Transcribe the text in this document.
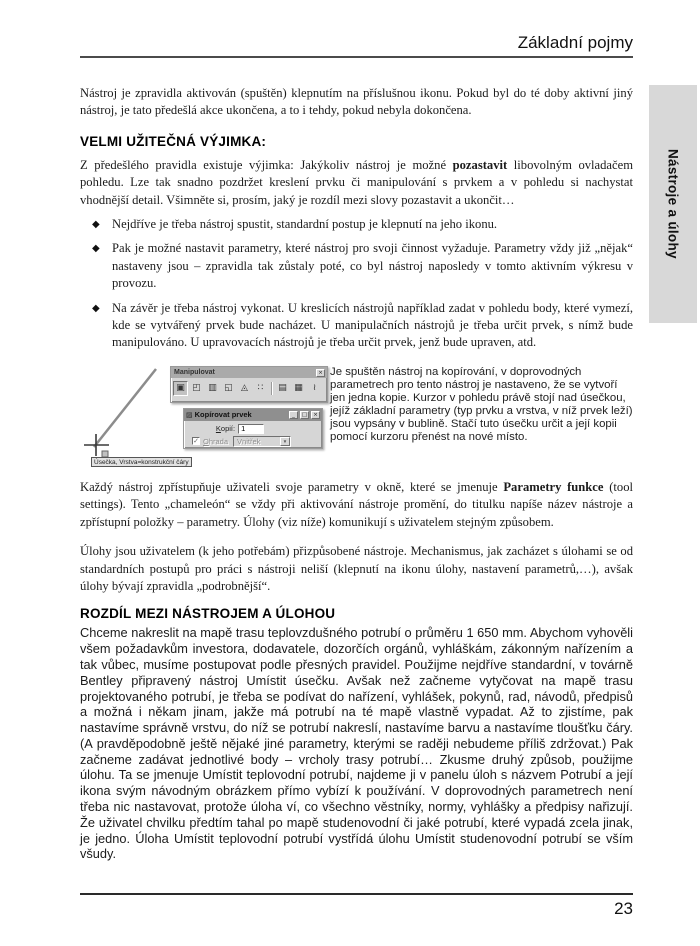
Nástroje a úlohy
Základní pojmy

Nástroj je zpravidla aktivován (spuštěn) klepnutím na příslušnou ikonu. Pokud byl do té doby aktivní jiný nástroj, je tato předešlá akce ukončena, a to i tehdy, pokud nebyla dokončena.

VELMI UŽITEČNÁ VÝJIMKA:

Z předešlého pravidla existuje výjimka: Jakýkoliv nástroj je možné pozastavit libovolným ovladačem pohledu. Lze tak snadno pozdržet kreslení prvku či manipulování s prvkem a v pohledu si nachystat vhodnější detail. Všimněte si, prosím, jaký je rozdíl mezi slovy pozastavit a ukončit…

◆ Nejdříve je třeba nástroj spustit, standardní postup je klepnutí na jeho ikonu.
◆ Pak je možné nastavit parametry, které nástroj pro svoji činnost vyžaduje. Parametry vždy již „nějak“ nastaveny jsou – zpravidla tak zůstaly poté, co byl nástroj naposledy v tomto aktivním výkresu v provozu.
◆ Na závěr je třeba nástroj vykonat. U kreslicích nástrojů například zadat v pohledu body, které vymezí, kde se vytvářený prvek bude nacházet. U manipulačních nástrojů je třeba určit prvek, s nímž bude manipulováno. U upravovacích nástrojů je třeba určit prvek, jenž bude upraven, atd.
Manipulovat	×
▣ ◰ ▥ ◱ ◬	∷	▤ ▦	≀
▨ Kopírovat prvek	_	□	×
Kopií:
1
✓ Ohrada Vnitřek	▼
Úsečka, Vrstva=konstrukční čáry
Je spuštěn nástroj na kopírování, v doprovodných parametrech pro tento nástroj je nastaveno, že se vytvoří jen jedna kopie. Kurzor v pohledu právě stojí nad úsečkou, jejíž základní parametry (typ prvku a vrstva, v níž prvek leží) jsou vypsány v bublině. Stačí tuto úsečku určit a její kopii pomocí kurzoru přenést na nové místo.

Každý nástroj zpřístupňuje uživateli svoje parametry v okně, které se jmenuje Parametry funkce (tool settings). Tento „chameleón“ se vždy při aktivování nástroje promění, do titulku napíše název nástroje a zpřístupní položky – parametry. Úlohy (viz níže) komunikují s uživatelem stejným způsobem.

Úlohy jsou uživatelem (k jeho potřebám) přizpůsobené nástroje. Mechanismus, jak zacházet s úlohami se od standardních postupů pro práci s nástroji neliší (klepnutí na ikonu úlohy, nastavení parametrů,…), avšak úlohy bývají zpravidla „podrobnější“.

ROZDÍL MEZI NÁSTROJEM A ÚLOHOU

Chceme nakreslit na mapě trasu teplovzdušného potrubí o průměru 1 650 mm. Abychom vyhověli všem požadavkům investora, dodavatele, dozorčích orgánů, vyhláškám, zákonným nařízením a tak vůbec, musíme postupovat podle přesných pravidel. Použijme nejdříve standardní, v továrně Bentley připravený nástroj Umístit úsečku. Avšak než začneme vytyčovat na mapě trasu projektovaného potrubí, je třeba se podívat do nařízení, vyhlášek, pokynů, rad, návodů, předpisů a možná i někam jinam, jakže má potrubí na té mapě vlastně vypadat. Až to zjistíme, pak nastavíme správně vrstvu, do níž se potrubí nakreslí, nastavíme barvu a nastavíme tloušťku čáry. (A pravděpodobně ještě nějaké jiné parametry, kterými se raději nebudeme příliš zdržovat.) Pak začneme zadávat jednotlivé body – vrcholy trasy potrubí… Zkusme druhý způsob, použijme úlohu. Ta se jmenuje Umístit teplovodní potrubí, najdeme ji v panelu úloh s názvem Potrubí a její ikona svým návodným obrázkem přímo vybízí k používání. V doprovodných parametrech není třeba nic nastavovat, protože úloha ví, co všechno věstníky, normy, vyhlášky a předpisy nařizují. Že uživatel chvilku předtím tahal po mapě studenovodní či jaké potrubí, které vypadá zcela jinak, je jedno. Úloha Umístit teplovodní potrubí vystřídá úlohu Umístit studenovodní potrubí se vším všudy.

23
